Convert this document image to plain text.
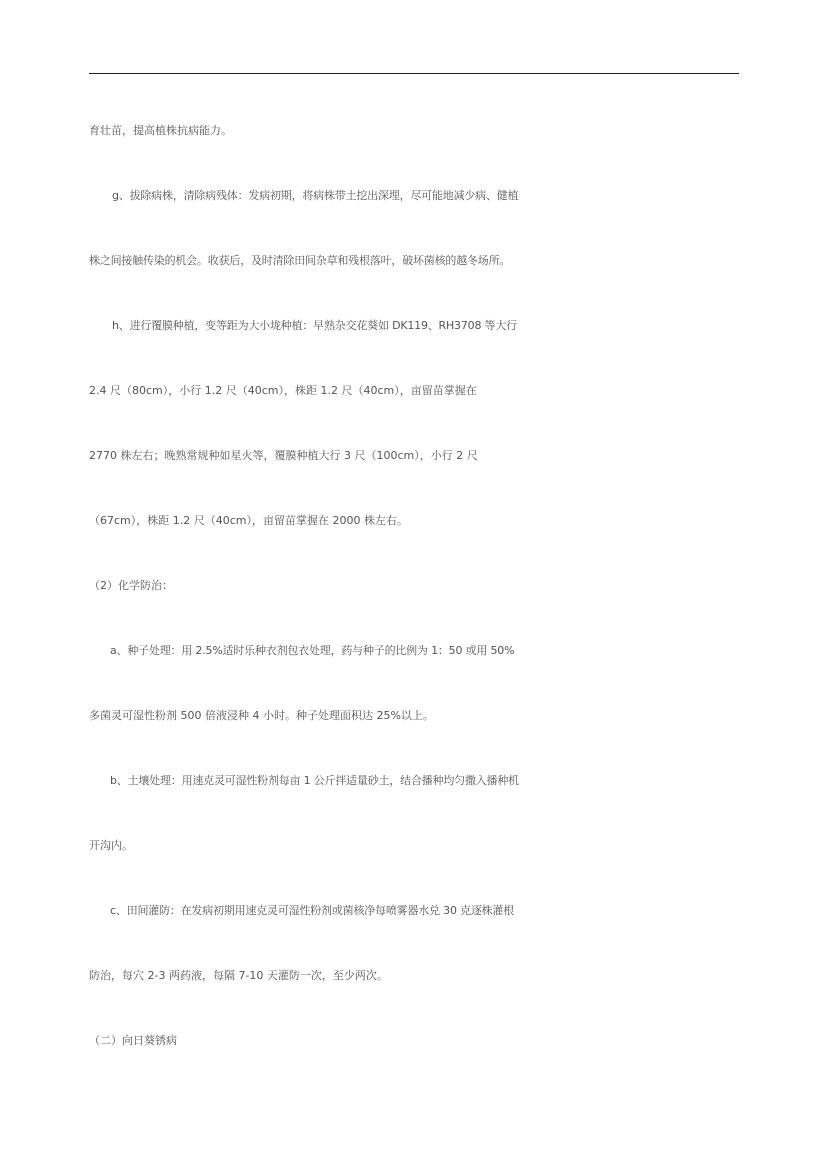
育壮苗，提高植株抗病能力。
g、拔除病株，清除病残体：发病初期，将病株带土挖出深埋，尽可能地减少病、健植
株之间接触传染的机会。收获后，及时清除田间杂草和残根落叶，破坏菌核的越冬场所。
h、进行覆膜种植，变等距为大小垅种植：早熟杂交花葵如 DK119、RH3708 等大行
2.4 尺（80cm），小行 1.2 尺（40cm），株距 1.2 尺（40cm），亩留苗掌握在
2770 株左右；晚熟常规种如星火等，覆膜种植大行 3 尺（100cm），小行 2 尺
（67cm），株距 1.2 尺（40cm），亩留苗掌握在 2000 株左右。
（2）化学防治：
a、种子处理：用 2.5%适时乐种衣剂包衣处理，药与种子的比例为 1：50 或用 50%
多菌灵可湿性粉剂 500 倍液浸种 4 小时。种子处理面积达 25%以上。
b、土壤处理：用速克灵可湿性粉剂每亩 1 公斤拌适量砂土，结合播种均匀撒入播种机
开沟内。
c、田间灌防：在发病初期用速克灵可湿性粉剂或菌核净每喷雾器水兑 30 克逐株灌根
防治，每穴 2-3 两药液，每隔 7-10 天灌防一次，至少两次。
（二）向日葵锈病
